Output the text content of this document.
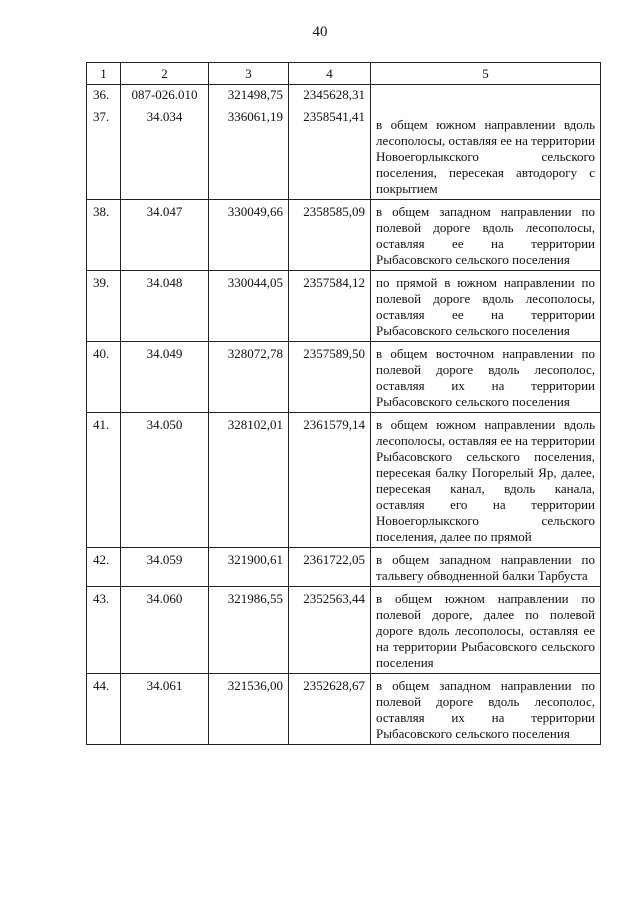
40
1	2	3	4	5
36.	087-026.010	321498,75	2345628,31	
37.	34.034	336061,19	2358541,41	в общем южном направлении вдоль лесополосы, оставляя ее на территории Новоегорлыкского сельского поселения, пересекая автодорогу с покрытием
38.	34.047	330049,66	2358585,09	в общем западном направлении по полевой дороге вдоль лесополосы, оставляя ее на территории Рыбасовского сельского поселения
39.	34.048	330044,05	2357584,12	по прямой в южном направлении по полевой дороге вдоль лесополосы, оставляя ее на территории Рыбасовского сельского поселения
40.	34.049	328072,78	2357589,50	в общем восточном направлении по полевой дороге вдоль лесополос, оставляя их на территории Рыбасовского сельского поселения
41.	34.050	328102,01	2361579,14	в общем южном направлении вдоль лесополосы, оставляя ее на территории Рыбасовского сельского поселения, пересекая балку Погорелый Яр, далее, пересекая канал, вдоль канала, оставляя его на территории Новоегорлыкского сельского поселения, далее по прямой
42.	34.059	321900,61	2361722,05	в общем западном направлении по тальвегу обводненной балки Тарбуста
43.	34.060	321986,55	2352563,44	в общем южном направлении по полевой дороге, далее по полевой дороге вдоль лесополосы, оставляя ее на территории Рыбасовского сельского поселения
44.	34.061	321536,00	2352628,67	в общем западном направлении по полевой дороге вдоль лесополос, оставляя их на территории Рыбасовского сельского поселения
